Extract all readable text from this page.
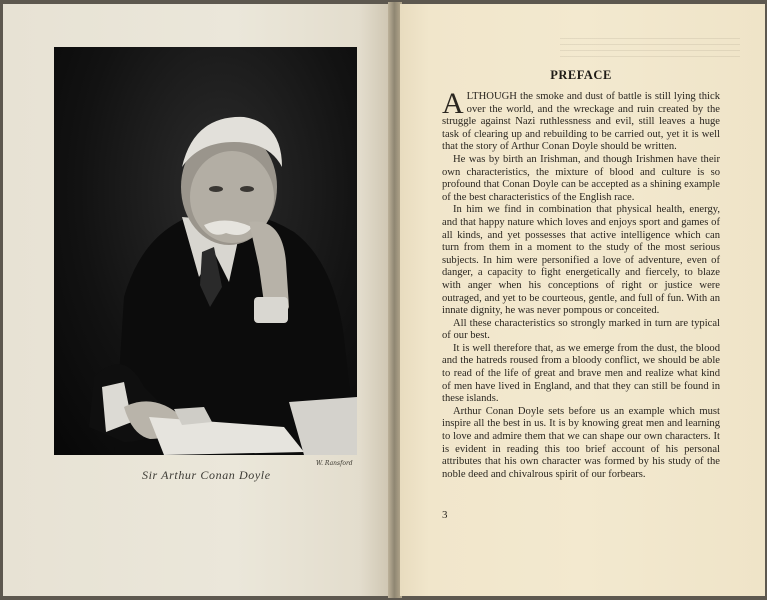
W. Ransford
Sir Arthur Conan Doyle
PREFACE

ALTHOUGH the smoke and dust of battle is still lying thick over the world, and the wreckage and ruin created by the struggle against Nazi ruthlessness and evil, still leaves a huge task of clearing up and rebuilding to be carried out, yet it is well that the story of Arthur Conan Doyle should be written.

He was by birth an Irishman, and though Irishmen have their own characteristics, the mixture of blood and culture is so profound that Conan Doyle can be accepted as a shining example of the best characteristics of the English race.

In him we find in combination that physical health, energy, and that happy nature which loves and enjoys sport and games of all kinds, and yet possesses that active intelligence which can turn from them in a moment to the study of the most serious subjects. In him were personified a love of adventure, even of danger, a capacity to fight energetically and fiercely, to blaze with anger when his conceptions of right or justice were outraged, and yet to be courteous, gentle, and full of fun. With an innate dignity, he was never pompous or conceited.

All these characteristics so strongly marked in turn are typical of our best.

It is well therefore that, as we emerge from the dust, the blood and the hatreds roused from a bloody conflict, we should be able to read of the life of great and brave men and realize what kind of men have lived in England, and that they can still be found in these islands.

Arthur Conan Doyle sets before us an example which must inspire all the best in us. It is by knowing great men and learning to love and admire them that we can shape our own characters. It is evident in reading this too brief account of his personal attributes that his own character was formed by his study of the noble deed and chivalrous spirit of our forbears.

3
